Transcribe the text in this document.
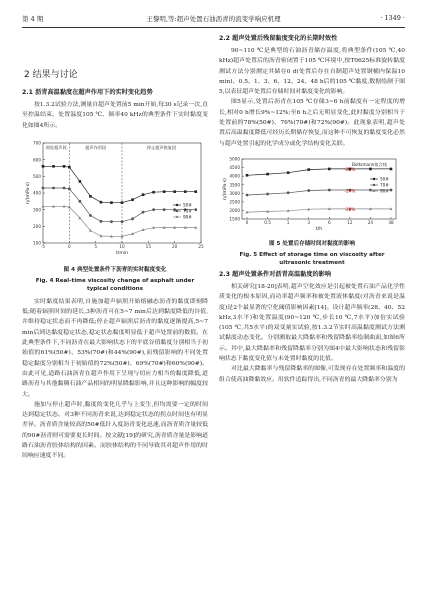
第 4 期	王黎明,等:超声处置石油沥青的流变学响应机理	· 1349 ·
2 结果与讨论
2.1 沥青高温黏度在超声作用下的实时变化趋势

按1.3.2试验方法,测量自超声处置前5 min开始,每30 s记录一次,直至控温结束。处置温度105 ℃、频率40 kHz的典型条件下实时黏度变化如图4所示。

100
200
300
400
500
600
700
-5	0	5	10	15	20	25
t/min
η/(mPa·s)
50#
70#
90#
预处超声段	超声作用段	停止超声恢复段
图 4 典型处置条件下沥青的实时黏度变化
Fig. 4 Real-time viscosity change of asphalt under
typical conditions

实时黏度结果表明,自施加超声辐照开始熔融态沥青的黏度即刻降低;随着辐照时间的延长,3种沥青可在5~7 min后达到黏度降低的谷值,并维持稳定状态而不再降低;停止超声辐照后沥青的黏度逐渐提高,5~7 min后到达黏度稳定状态,稳定状态黏度明显低于超声处置前的数值。在此典型条件下,不同沥青在最大影响状态下的平底谷值黏度分别相当于初始值的61%(50#)、53%(70#)和44%(90#),而残留影响的不同处置稳定黏度分别相当于初始值的72%(50#)、69%(70#)和60%(90#)。由此可见,道路石油沥青在超声作用下呈现与切应力相当的黏度降低,道路沥青与其他黏稠石油产品相同的明显降黏影响,并且这种影响的幅度较大。

施加与停止超声时,黏度的变化几乎与上变生,但均需要一定的时间达到稳定状态。对3种不同沥青来说,达到稳定状态的拐点时间也有明显差异。沥青质含量较高的50#低针入度沥青变化迅速,而沥青质含量较低的90#沥青则可需要更长时间。按文献[19]的研究,沥青质含量是影响道路石油沥青胶体结构的因素。而胶体结构的不同导致其对超声作用的时间响应速度不同。

2.2 超声处置后残留黏度变化的长期时效性

90~110 ℃是典型的石油沥青储存温度,将典型条件(105 ℃,40 kHz)超声处置后的沥青密闭置于105 ℃环境中,按T0625标准旋转黏度测试方法分别测定其储存0 d(处置后存在自制超声处置钢桶内保温10 min)、0.5、1、3、6、12、24、48 h后的105 ℃黏度,数据绘制于图5,以表征超声处置后存储时间对黏度变化的影响。

图5显示,处置后沥青在105 ℃存储3~6 h前黏度有一定程度的增长,相对0 h增长9%~12%;至6 h之后无明显变化,此时黏度分别相当于处置前的78%(50#)、76%(70#)和72%(90#)。此现象表明,超声处置后高温黏度降低可经历长期储存恢复,而这种不可恢复的黏度变化必然与超声处置引起的化学成分或化学结构变化关联。

1500
2000
2500
3000
3500
4000
4500
5000
0	0.5	1	3	6	12	24	48
t/h
η/(mPa·s)	50#
70#
90#
Boltzmann拟合线
-22%
-24%
-28%
图 5 处置后存储时间对黏度的影响
Fig. 5 Effect of storage time on viscosity after
ultrasonic treatment
2.3 超声处置条件对沥青高温黏度的影响

相关研究[18-20]表明,超声空化效应是引起被处置石油产品化学性质变化的根本原因,而功率超声频率和被处置液体黏度(对沥青来说是温度)是2个最显著的空化阈值影响因素[14]。设计超声频率(28、40、52 kHz,3水平)和处置温度(90~120 ℃,步长10 ℃,7水平)加倍实试验(105 ℃,共5水平)的双变量实试验,按1.3.2节实时高温黏度测试方法测试黏度动态变化。分别测取最大降黏率和残留降黏率绘制曲面,如图6所示。其中,最大降黏率和残留降黏率分别为图4中最大影响状态和残留影响状态下黏度变化值与未处置时黏度的比值。

对比最大降黏率与残留降黏率的图像,可发现存在处置频率和温度的组合使高油降黏效应。用软件追踪得出,不同沥青的最大降黏率分别为
